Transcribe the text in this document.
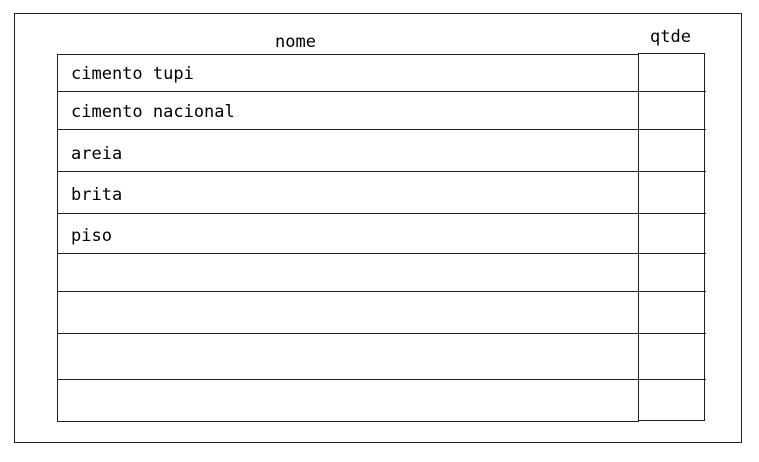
nome	qtde
cimento tupi
cimento nacional
areia
brita
piso
